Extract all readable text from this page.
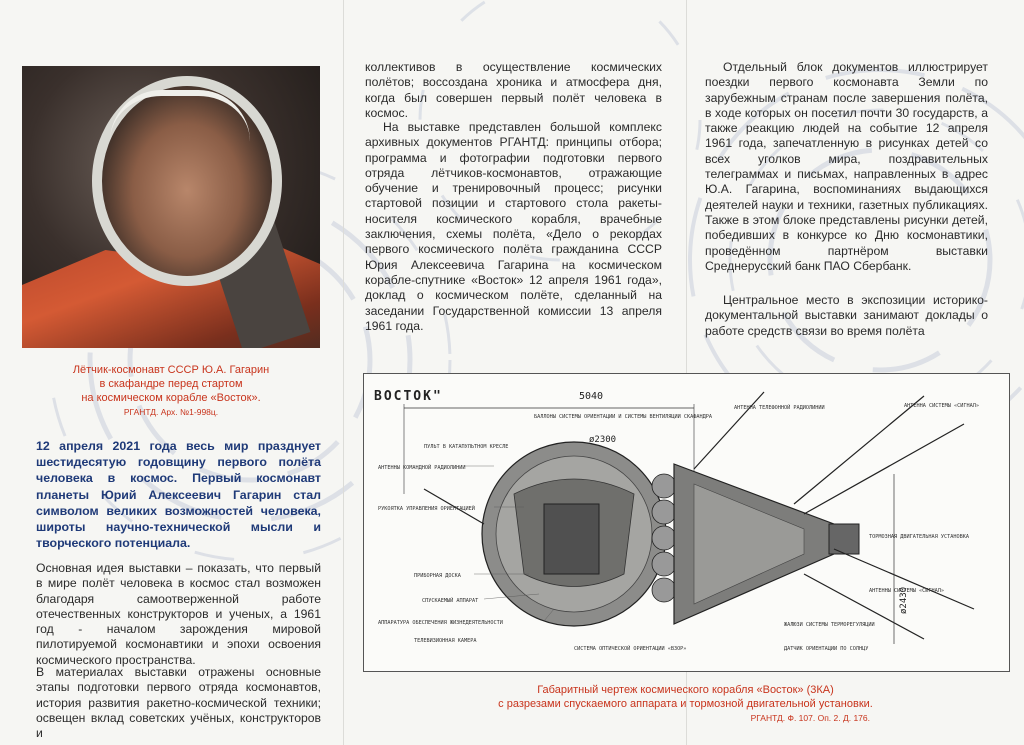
Лётчик-космонавт СССР Ю.А. Гагарин
в скафандре перед стартом
на космическом корабле «Восток».
РГАНТД. Арх. №1-998ц.

12 апреля 2021 года весь мир празднует шестидесятую годовщину первого полёта человека в космос. Первый космонавт планеты Юрий Алексеевич Гагарин стал символом великих возможностей человека, широты научно-технической мысли и творческого потенциала.

Основная идея выставки – показать, что первый в мире полёт человека в космос стал возможен благодаря самоотверженной работе отечественных конструкторов и ученых, а 1961 год - началом зарождения мировой пилотируемой космонавтики и эпохи освоения космического пространства.

В материалах выставки отражены основные этапы подготовки первого отряда космонавтов, история развития ракетно-космической техники; освещен вклад советских учёных, конструкторов и

коллективов в осуществление космических полётов; воссоздана хроника и атмосфера дня, когда был совершен первый полёт человека в космос.

На выставке представлен большой комплекс архивных документов РГАНТД: принципы отбора; программа и фотографии подготовки первого отряда лётчиков-космонавтов, отражающие обучение и тренировочный процесс; рисунки стартовой позиции и стартового стола ракеты-носителя космического корабля, врачебные заключения, схемы полёта, «Дело о рекордах первого космического полёта гражданина СССР Юрия Алексеевича Гагарина на космическом корабле-спутнике «Восток» 12 апреля 1961 года», доклад о космическом полёте, сделанный на заседании Государственной комиссии 13 апреля 1961 года.

Отдельный блок документов иллюстрирует поездки первого космонавта Земли по зарубежным странам после завершения полёта, в ходе которых он посетил почти 30 государств, а также реакцию людей на событие 12 апреля 1961 года, запечатленную в рисунках детей со всех уголков мира, поздравительных телеграммах и письмах, направленных в адрес Ю.А. Гагарина, воспоминаниях выдающихся деятелей науки и техники, газетных публикациях. Также в этом блоке представлены рисунки детей, победивших в конкурсе ко Дню космонавтики, проведённом партнёром выставки Среднерусский банк ПАО Сбербанк.

Центральное место в экспозиции историко-документальной выставки занимают доклады о работе средств связи во время полёта

ВОСТОК"	5040
ø2430
ø2300
АНТЕННЫ КОМАНДНОЙ РАДИОЛИНИИ
ПУЛЬТ В КАТАПУЛЬТНОМ КРЕСЛЕ
РУКОЯТКА УПРАВЛЕНИЯ ОРИЕНТАЦИЕЙ
ПРИБОРНАЯ ДОСКА
СПУСКАЕМЫЙ АППАРАТ
АППАРАТУРА ОБЕСПЕЧЕНИЯ ЖИЗНЕДЕЯТЕЛЬНОСТИ
ТЕЛЕВИЗИОННАЯ КАМЕРА
БАЛЛОНЫ СИСТЕМЫ ОРИЕНТАЦИИ И СИСТЕМЫ ВЕНТИЛЯЦИИ СКАФАНДРА
АНТЕННА ТЕЛЕФОННОЙ РАДИОЛИНИИ	АНТЕННА СИСТЕМЫ «СИГНАЛ»
ТОРМОЗНАЯ ДВИГАТЕЛЬНАЯ УСТАНОВКА
АНТЕННЫ СИСТЕМЫ «СИГНАЛ»
ЖАЛЮЗИ СИСТЕМЫ ТЕРМОРЕГУЛЯЦИИ
ДАТЧИК ОРИЕНТАЦИИ ПО СОЛНЦУ
СИСТЕМА ОПТИЧЕСКОЙ ОРИЕНТАЦИИ «ВЗОР»
Габаритный чертеж космического корабля «Восток» (3КА)
с разрезами спускаемого аппарата и тормозной двигательной установки.
РГАНТД. Ф. 107. Оп. 2. Д. 176.
